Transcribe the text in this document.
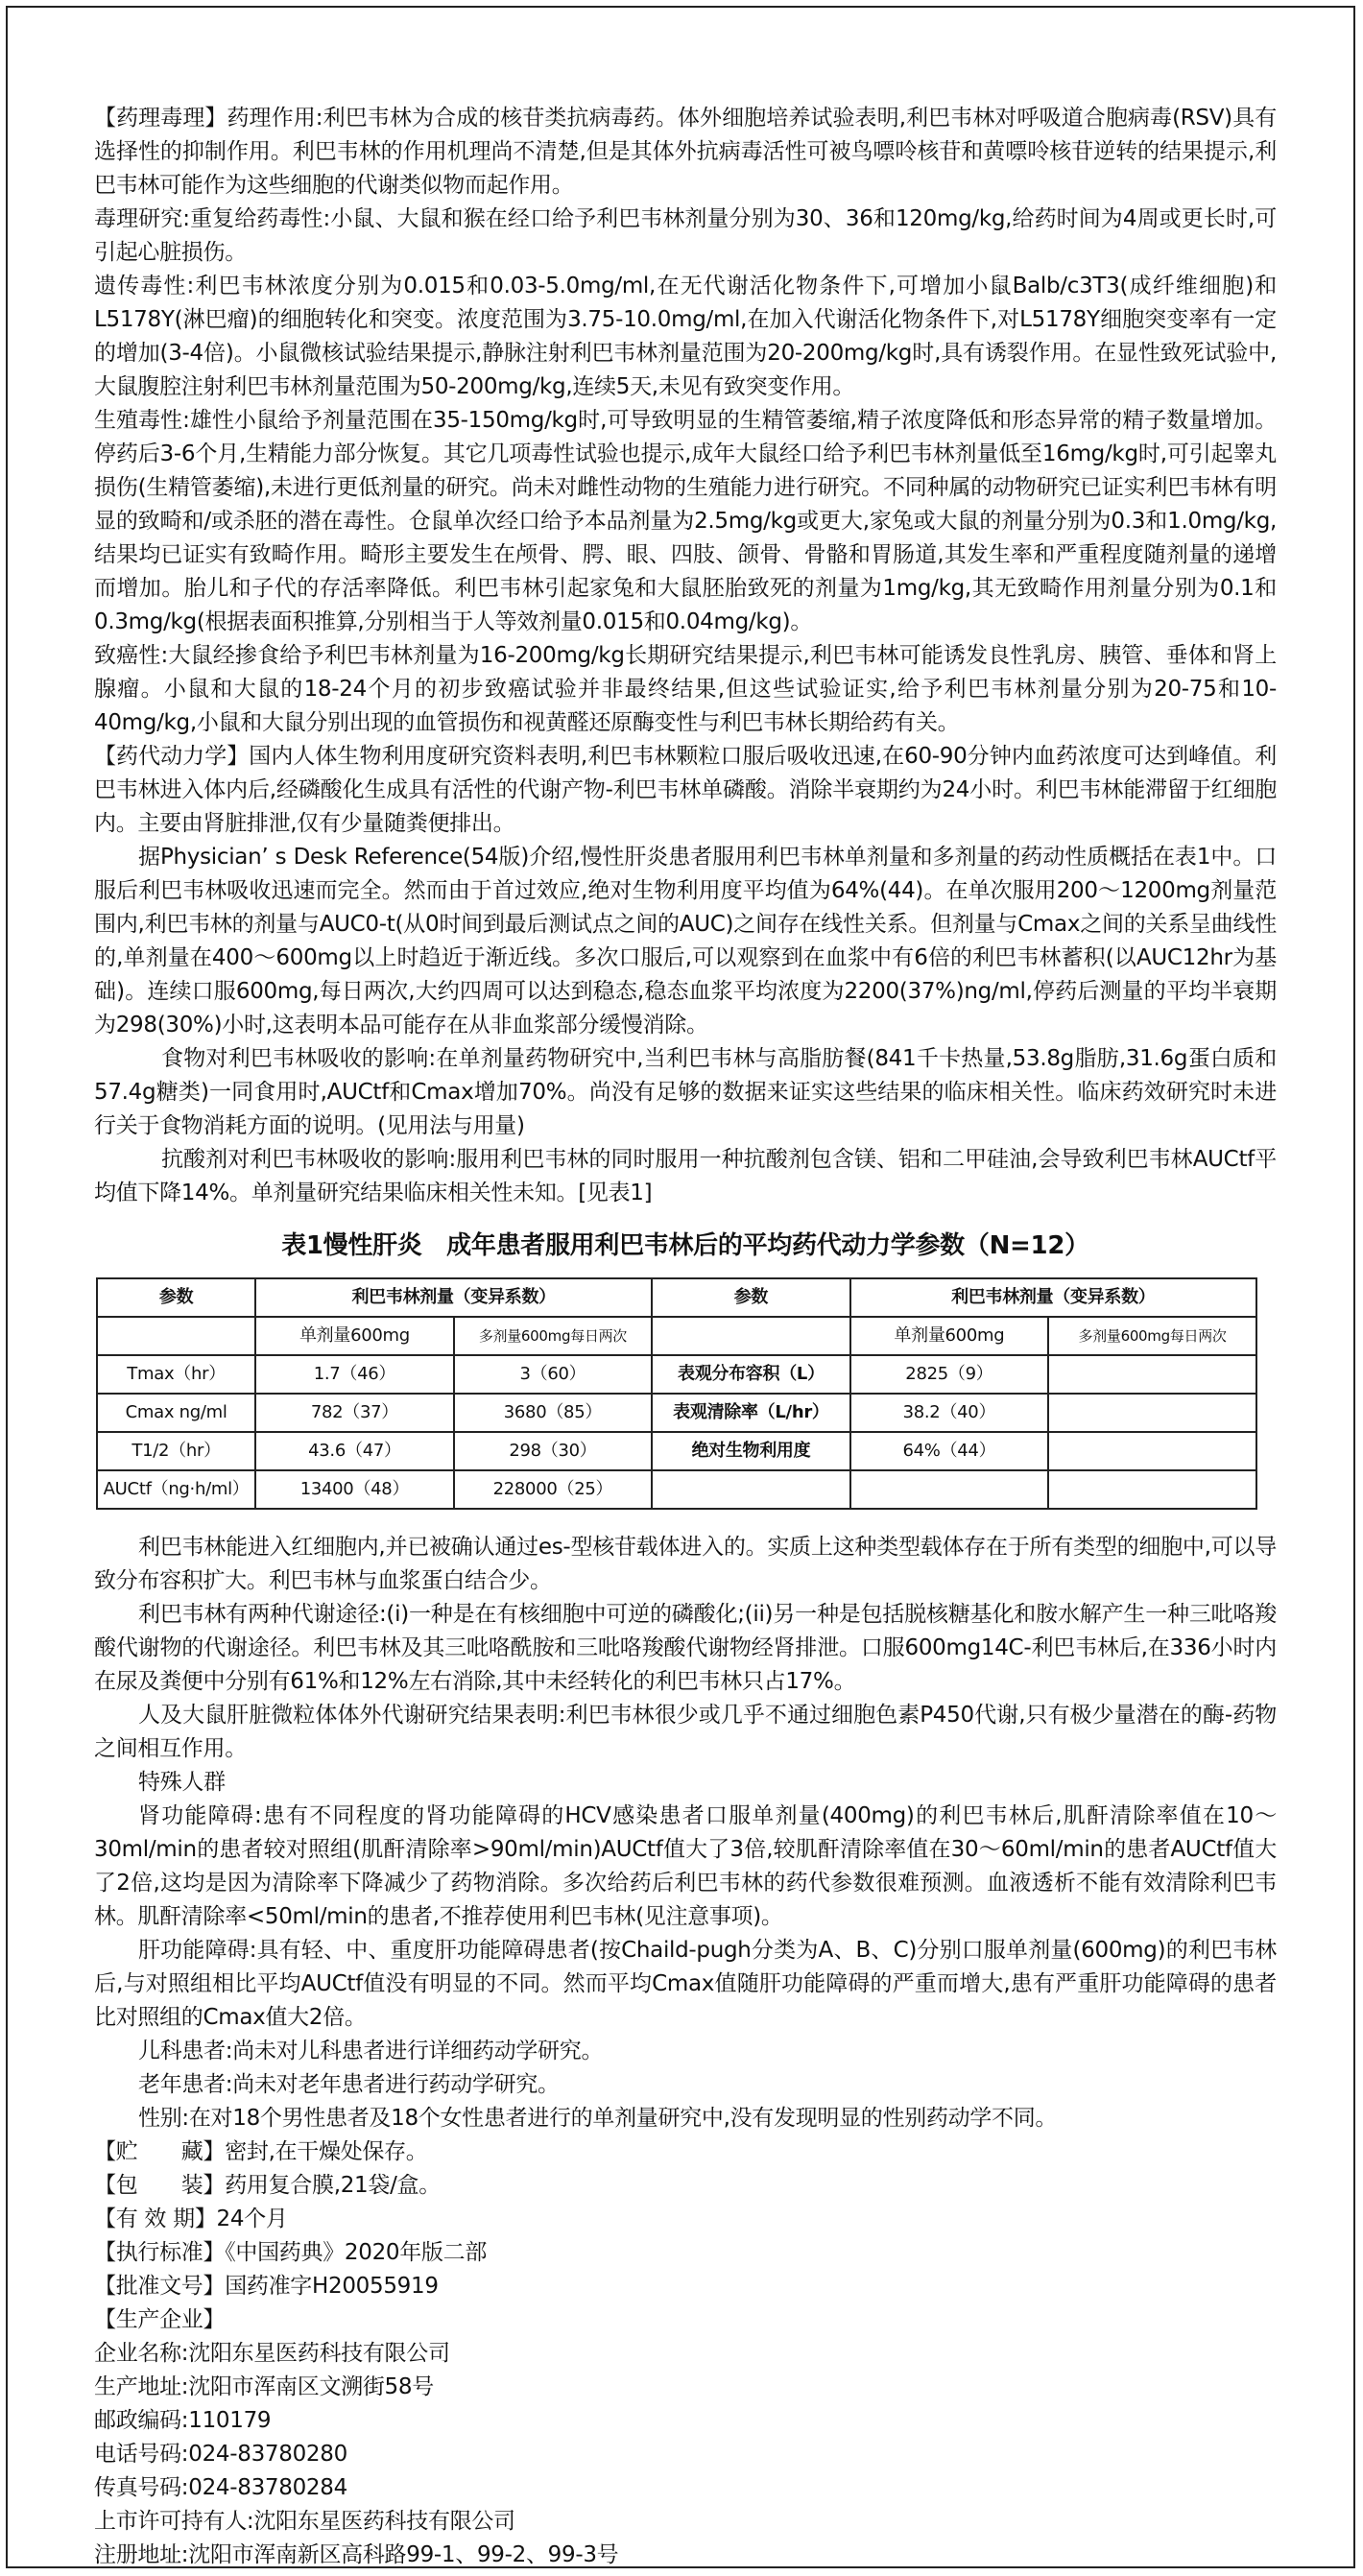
【药理毒理】药理作用:利巴韦林为合成的核苷类抗病毒药。体外细胞培养试验表明,利巴韦林对呼吸道合胞病毒(RSV)具有选择性的抑制作用。利巴韦林的作用机理尚不清楚,但是其体外抗病毒活性可被鸟嘌呤核苷和黄嘌呤核苷逆转的结果提示,利巴韦林可能作为这些细胞的代谢类似物而起作用。

毒理研究:重复给药毒性:小鼠、大鼠和猴在经口给予利巴韦林剂量分别为30、36和120mg/kg,给药时间为4周或更长时,可引起心脏损伤。

遗传毒性:利巴韦林浓度分别为0.015和0.03-5.0mg/ml,在无代谢活化物条件下,可增加小鼠Balb/c3T3(成纤维细胞)和L5178Y(淋巴瘤)的细胞转化和突变。浓度范围为3.75-10.0mg/ml,在加入代谢活化物条件下,对L5178Y细胞突变率有一定的增加(3-4倍)。小鼠微核试验结果提示,静脉注射利巴韦林剂量范围为20-200mg/kg时,具有诱裂作用。在显性致死试验中,大鼠腹腔注射利巴韦林剂量范围为50-200mg/kg,连续5天,未见有致突变作用。

生殖毒性:雄性小鼠给予剂量范围在35-150mg/kg时,可导致明显的生精管萎缩,精子浓度降低和形态异常的精子数量增加。停药后3-6个月,生精能力部分恢复。其它几项毒性试验也提示,成年大鼠经口给予利巴韦林剂量低至16mg/kg时,可引起睾丸损伤(生精管萎缩),未进行更低剂量的研究。尚未对雌性动物的生殖能力进行研究。不同种属的动物研究已证实利巴韦林有明显的致畸和/或杀胚的潜在毒性。仓鼠单次经口给予本品剂量为2.5mg/kg或更大,家兔或大鼠的剂量分别为0.3和1.0mg/kg,结果均已证实有致畸作用。畸形主要发生在颅骨、腭、眼、四肢、颌骨、骨骼和胃肠道,其发生率和严重程度随剂量的递增而增加。胎儿和子代的存活率降低。利巴韦林引起家兔和大鼠胚胎致死的剂量为1mg/kg,其无致畸作用剂量分别为0.1和0.3mg/kg(根据表面积推算,分别相当于人等效剂量0.015和0.04mg/kg)。

致癌性:大鼠经掺食给予利巴韦林剂量为16-200mg/kg长期研究结果提示,利巴韦林可能诱发良性乳房、胰管、垂体和肾上腺瘤。小鼠和大鼠的18-24个月的初步致癌试验并非最终结果,但这些试验证实,给予利巴韦林剂量分别为20-75和10-40mg/kg,小鼠和大鼠分别出现的血管损伤和视黄醛还原酶变性与利巴韦林长期给药有关。

【药代动力学】国内人体生物利用度研究资料表明,利巴韦林颗粒口服后吸收迅速,在60-90分钟内血药浓度可达到峰值。利巴韦林进入体内后,经磷酸化生成具有活性的代谢产物-利巴韦林单磷酸。消除半衰期约为24小时。利巴韦林能滞留于红细胞内。主要由肾脏排泄,仅有少量随粪便排出。

据Physician’ s Desk Reference(54版)介绍,慢性肝炎患者服用利巴韦林单剂量和多剂量的药动性质概括在表1中。口服后利巴韦林吸收迅速而完全。然而由于首过效应,绝对生物利用度平均值为64%(44)。在单次服用200～1200mg剂量范围内,利巴韦林的剂量与AUC0-t(从0时间到最后测试点之间的AUC)之间存在线性关系。但剂量与Cmax之间的关系呈曲线性的,单剂量在400～600mg以上时趋近于渐近线。多次口服后,可以观察到在血浆中有6倍的利巴韦林蓄积(以AUC12hr为基础)。连续口服600mg,每日两次,大约四周可以达到稳态,稳态血浆平均浓度为2200(37%)ng/ml,停药后测量的平均半衰期为298(30%)小时,这表明本品可能存在从非血浆部分缓慢消除。

食物对利巴韦林吸收的影响:在单剂量药物研究中,当利巴韦林与高脂肪餐(841千卡热量,53.8g脂肪,31.6g蛋白质和57.4g糖类)一同食用时,AUCtf和Cmax增加70%。尚没有足够的数据来证实这些结果的临床相关性。临床药效研究时未进行关于食物消耗方面的说明。(见用法与用量)

抗酸剂对利巴韦林吸收的影响:服用利巴韦林的同时服用一种抗酸剂包含镁、铝和二甲硅油,会导致利巴韦林AUCtf平均值下降14%。单剂量研究结果临床相关性未知。[见表1]

表1慢性肝炎　成年患者服用利巴韦林后的平均药代动力学参数（N=12）
参数	利巴韦林剂量（变异系数）		参数	利巴韦林剂量（变异系数）	
	单剂量600mg	多剂量600mg每日两次		单剂量600mg	多剂量600mg每日两次
Tmax（hr）	1.7（46）	3（60）	表观分布容积（L）	2825（9）	
Cmax ng/ml	782（37）	3680（85）	表观清除率（L/hr）	38.2（40）	
T1/2（hr）	43.6（47）	298（30）	绝对生物利用度	64%（44）	
AUCtf（ng·h/ml）	13400（48）	228000（25）			

利巴韦林能进入红细胞内,并已被确认通过es-型核苷载体进入的。实质上这种类型载体存在于所有类型的细胞中,可以导致分布容积扩大。利巴韦林与血浆蛋白结合少。

利巴韦林有两种代谢途径:(i)一种是在有核细胞中可逆的磷酸化;(ii)另一种是包括脱核糖基化和胺水解产生一种三吡咯羧酸代谢物的代谢途径。利巴韦林及其三吡咯酰胺和三吡咯羧酸代谢物经肾排泄。口服600mg14C-利巴韦林后,在336小时内在尿及粪便中分别有61%和12%左右消除,其中未经转化的利巴韦林只占17%。

人及大鼠肝脏微粒体体外代谢研究结果表明:利巴韦林很少或几乎不通过细胞色素P450代谢,只有极少量潜在的酶-药物之间相互作用。

特殊人群

肾功能障碍:患有不同程度的肾功能障碍的HCV感染患者口服单剂量(400mg)的利巴韦林后,肌酐清除率值在10～30ml/min的患者较对照组(肌酐清除率>90ml/min)AUCtf值大了3倍,较肌酐清除率值在30～60ml/min的患者AUCtf值大了2倍,这均是因为清除率下降减少了药物消除。多次给药后利巴韦林的药代参数很难预测。血液透析不能有效清除利巴韦林。肌酐清除率<50ml/min的患者,不推荐使用利巴韦林(见注意事项)。

肝功能障碍:具有轻、中、重度肝功能障碍患者(按Chaild-pugh分类为A、B、C)分别口服单剂量(600mg)的利巴韦林后,与对照组相比平均AUCtf值没有明显的不同。然而平均Cmax值随肝功能障碍的严重而增大,患有严重肝功能障碍的患者比对照组的Cmax值大2倍。

儿科患者:尚未对儿科患者进行详细药动学研究。

老年患者:尚未对老年患者进行药动学研究。

性别:在对18个男性患者及18个女性患者进行的单剂量研究中,没有发现明显的性别药动学不同。

【贮　　藏】密封,在干燥处保存。

【包　　装】药用复合膜,21袋/盒。

【有 效 期】24个月

【执行标准】《中国药典》2020年版二部

【批准文号】国药准字H20055919

【生产企业】

企业名称:沈阳东星医药科技有限公司

生产地址:沈阳市浑南区文溯街58号

邮政编码:110179

电话号码:024-83780280

传真号码:024-83780284

上市许可持有人:沈阳东星医药科技有限公司

注册地址:沈阳市浑南新区高科路99-1、99-2、99-3号
